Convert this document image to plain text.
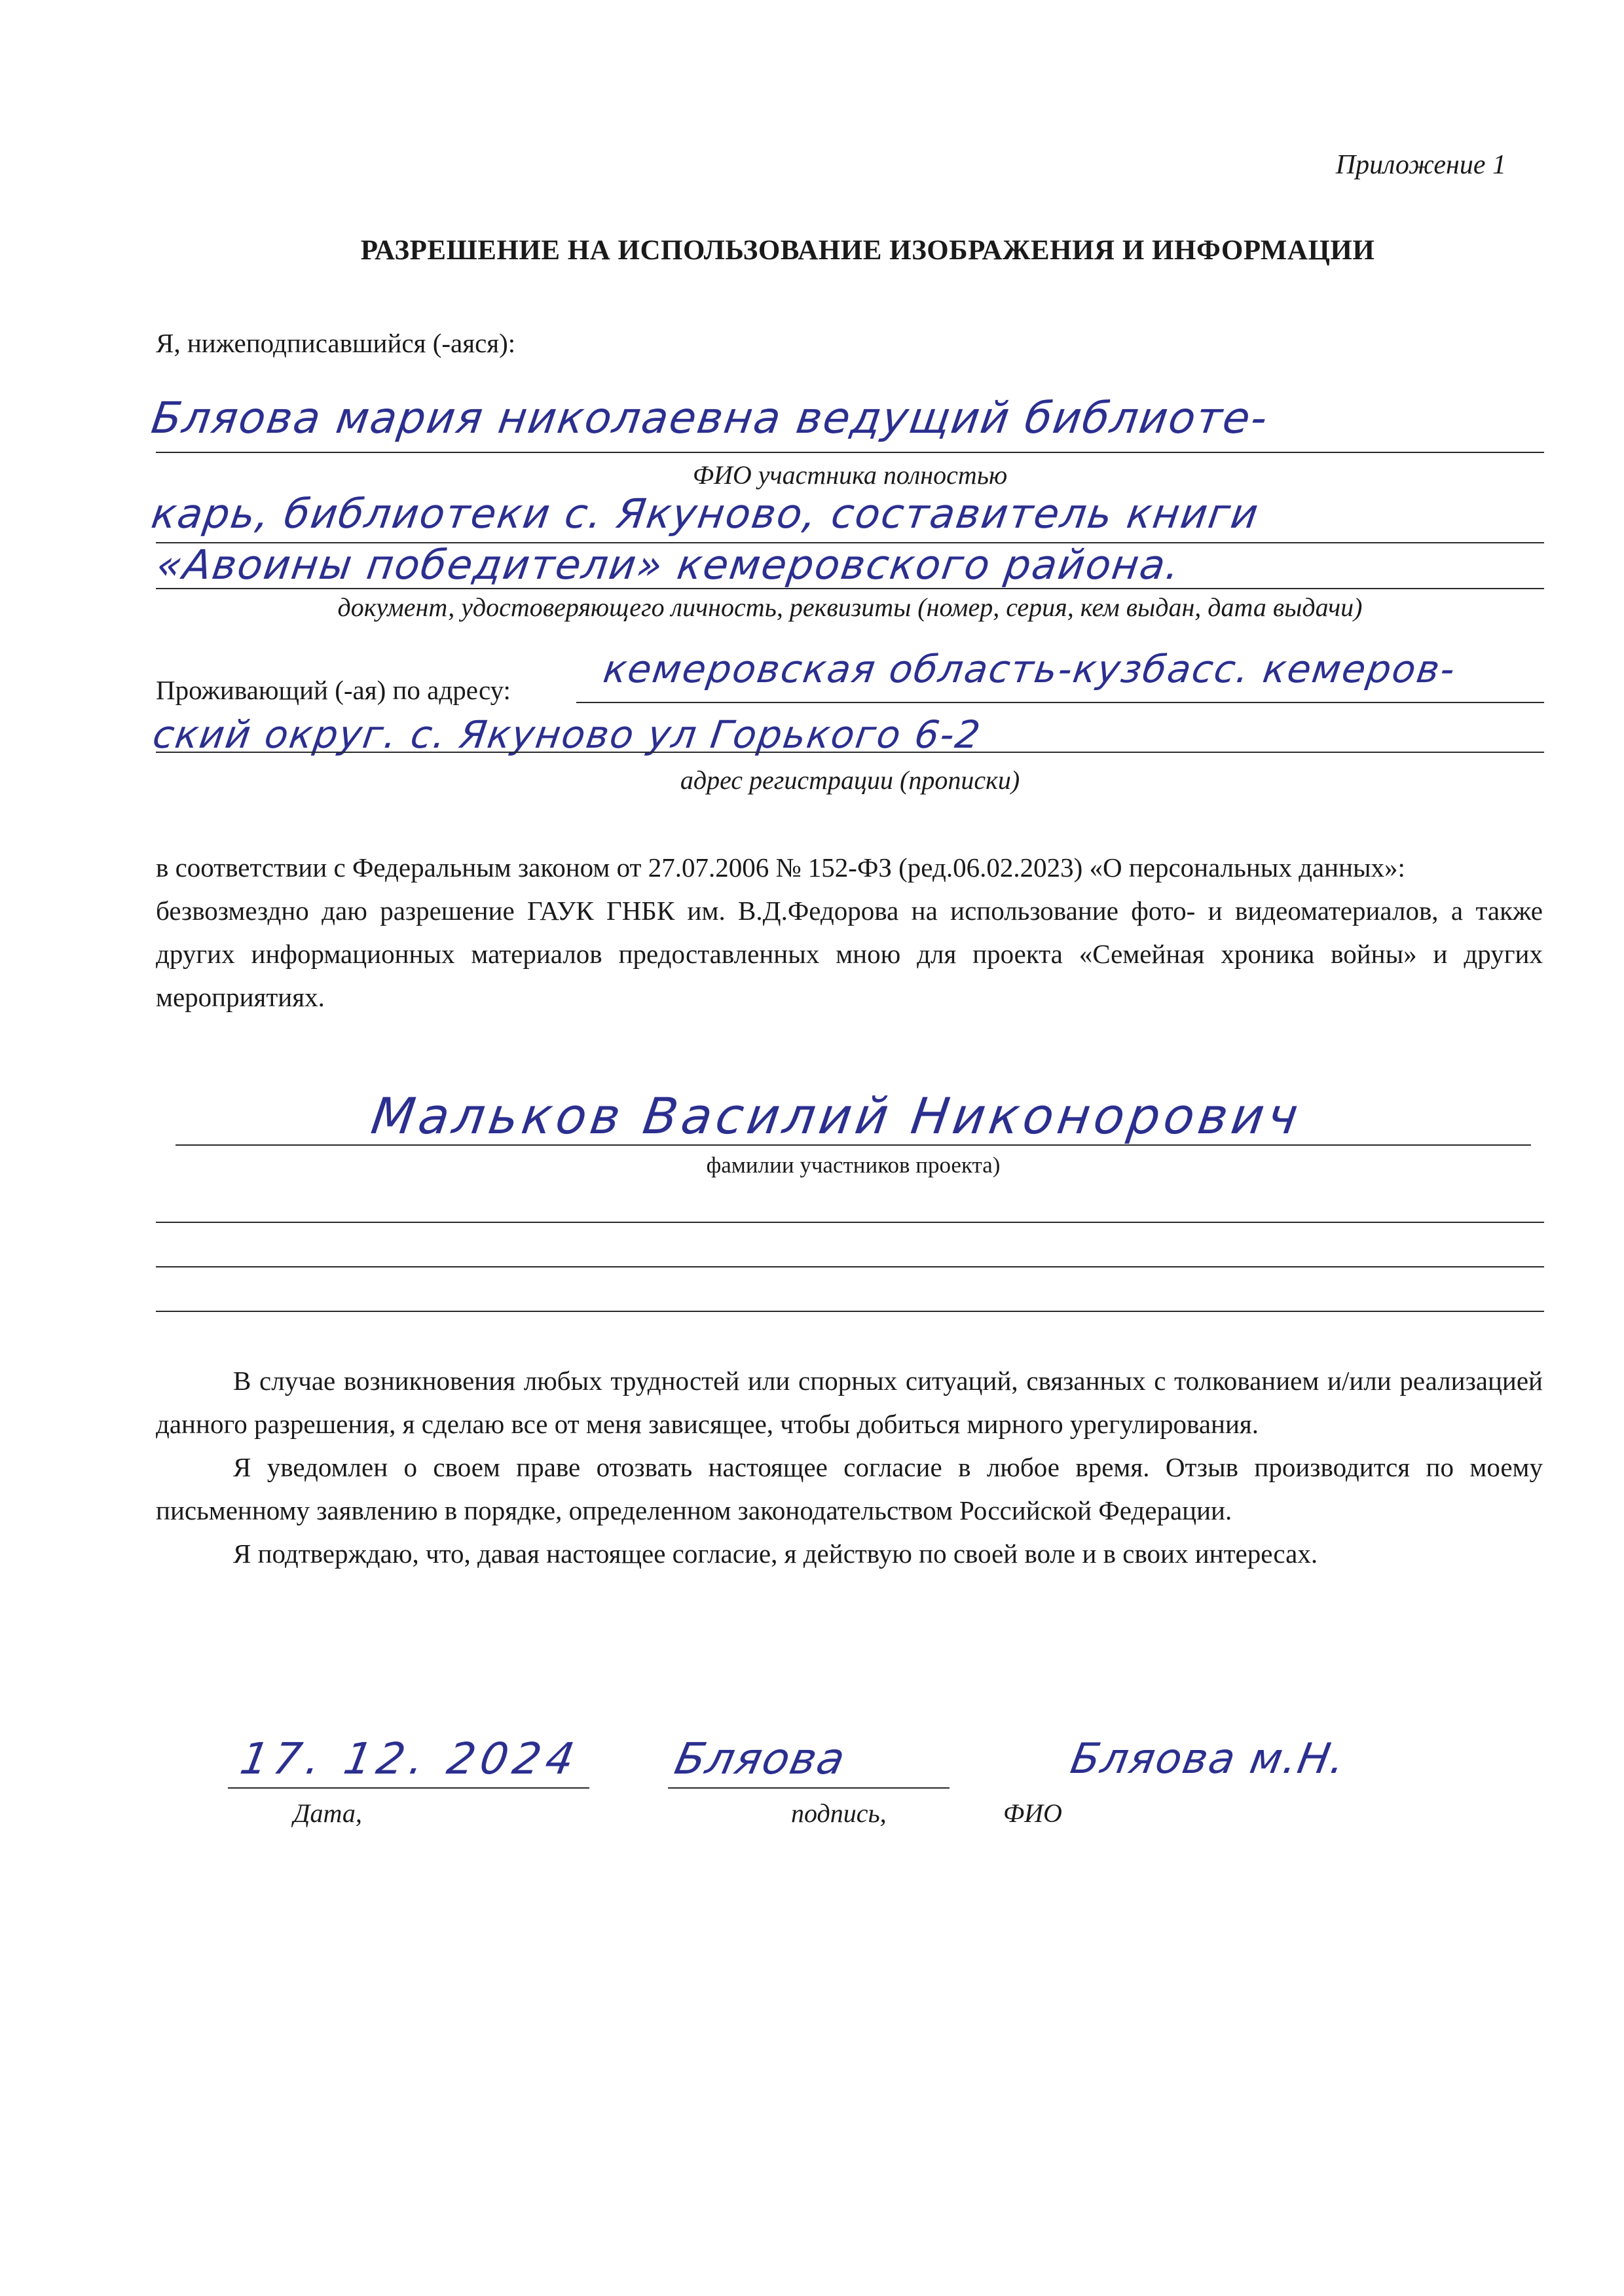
Приложение 1
РАЗРЕШЕНИЕ НА ИСПОЛЬЗОВАНИЕ ИЗОБРАЖЕНИЯ И ИНФОРМАЦИИ
Я, нижеподписавшийся (-аяся):
Бляова мария николаевна ведущий библиоте-
ФИО участника полностью
карь, библиотеки с. Якуново, составитель книги
«Авоины победители» кемеровского района.
документ, удостоверяющего личность, реквизиты (номер, серия, кем выдан, дата выдачи)
Проживающий (-ая) по адресу: кемеровская область-кузбасс. кемеров-
ский округ. с. Якуново ул Горького 6-2
адрес регистрации (прописки)

в соответствии с Федеральным законом от 27.07.2006 № 152-ФЗ (ред.06.02.2023) «О персональных данных»:

безвозмездно даю разрешение ГАУК ГНБК им. В.Д.Федорова на использование фото- и видеоматериалов, а также других информационных материалов предоставленных мною для проекта «Семейная хроника войны» и других мероприятиях.

Мальков Василий Никонорович
фамилии участников проекта)

В случае возникновения любых трудностей или спорных ситуаций, связанных с толкованием и/или реализацией данного разрешения, я сделаю все от меня зависящее, чтобы добиться мирного урегулирования.

Я уведомлен о своем праве отозвать настоящее согласие в любое время. Отзыв производится по моему письменному заявлению в порядке, определенном законодательством Российской Федерации.

Я подтверждаю, что, давая настоящее согласие, я действую по своей воле и в своих интересах.

17. 12. 2024 Бляова	Бляова м.Н.
Дата,	подпись,	ФИО
